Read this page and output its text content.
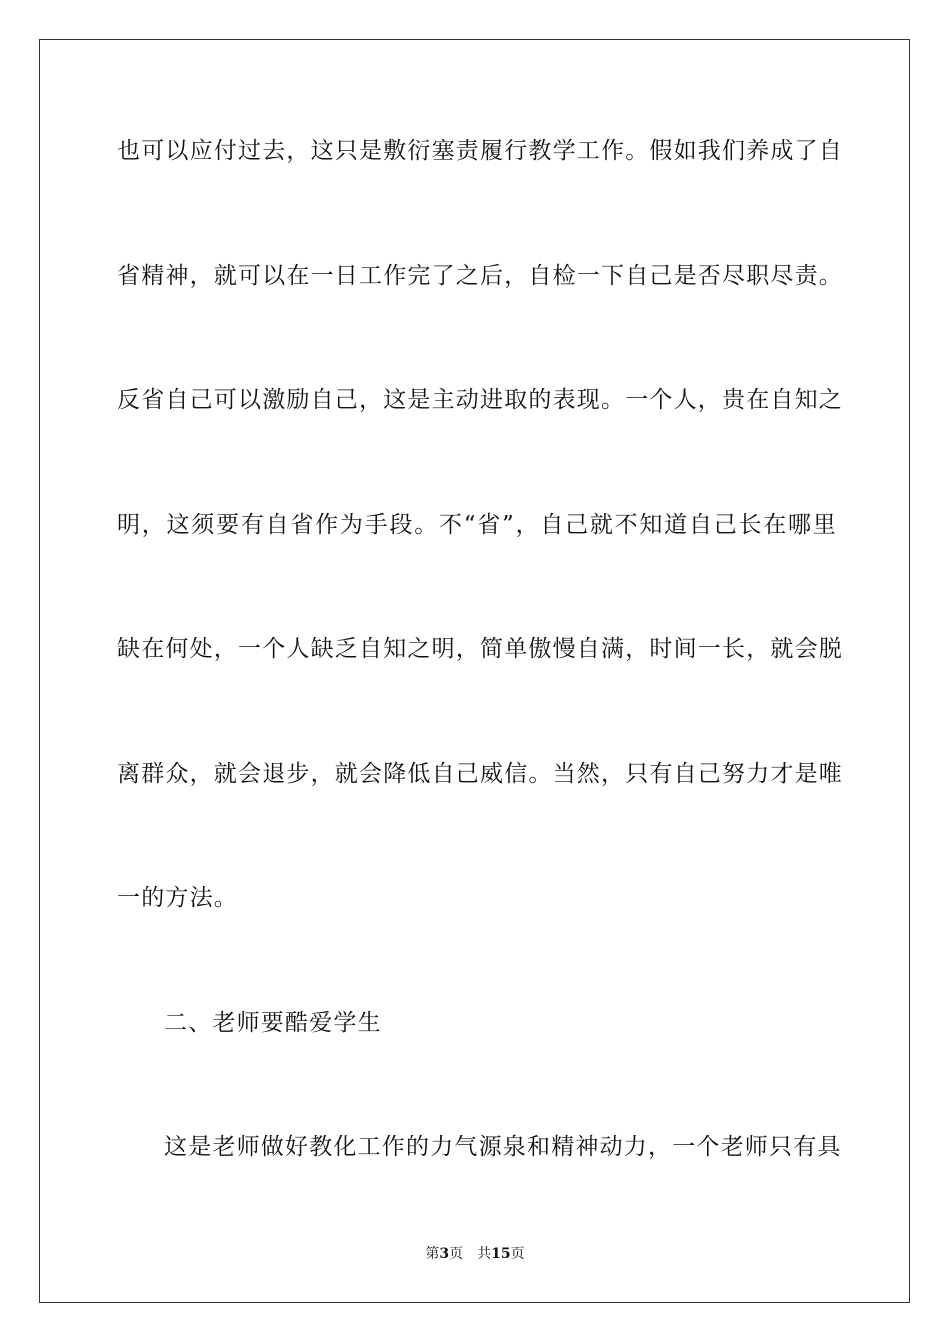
也可以应付过去，这只是敷衍塞责履行教学工作。假如我们养成了自
省精神，就可以在一日工作完了之后，自检一下自己是否尽职尽责。
反省自己可以激励自己，这是主动进取的表现。一个人，贵在自知之
明，这须要有自省作为手段。不“省”，自己就不知道自己长在哪里
缺在何处，一个人缺乏自知之明，简单傲慢自满，时间一长，就会脱
离群众，就会退步，就会降低自己威信。当然，只有自己努力才是唯
一的方法。
二、老师要酷爱学生
这是老师做好教化工作的力气源泉和精神动力，一个老师只有具
第3页 共15页
